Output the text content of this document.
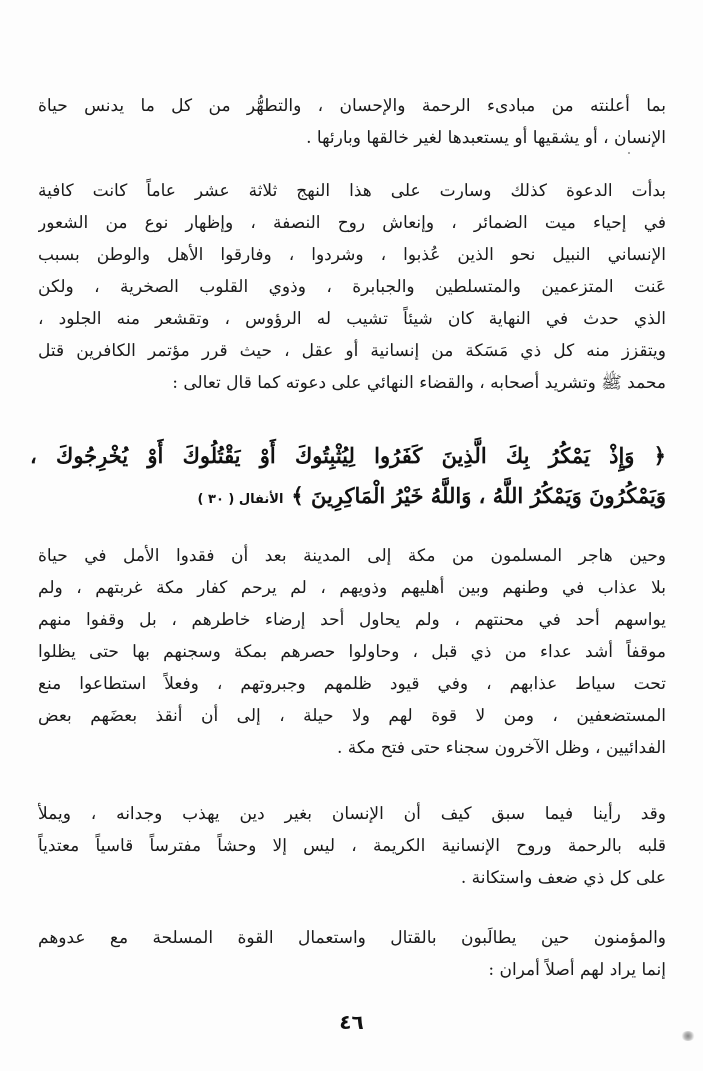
بما أعلنته من مبادىء الرحمة والإحسان ، والتطهُّر من كل ما يدنس حياة
الإنسان ، أو يشقيها أو يستعبدها لغير خالقها وبارئها .
بدأت الدعوة كذلك وسارت على هذا النهج ثلاثة عشر عاماً كانت كافية
في إحياء ميت الضمائر ، وإنعاش روح النصفة ، وإظهار نوع من الشعور
الإنساني النبيل نحو الذين عُذبوا ، وشردوا ، وفارقوا الأهل والوطن بسبب
عَنت المتزعمين والمتسلطين والجبابرة ، وذوي القلوب الصخرية ، ولكن
الذي حدث في النهاية كان شيئاً تشيب له الرؤوس ، وتقشعر منه الجلود ،
ويتقزز منه كل ذي مَسَكة من إنسانية أو عقل ، حيث قرر مؤتمر الكافرين قتل
محمد ﷺ وتشريد أصحابه ، والقضاء النهائي على دعوته كما قال تعالى :
﴿ وَإِذْ يَمْكُرُ بِكَ الَّذِينَ كَفَرُوا لِيُثْبِتُوكَ أَوْ يَقْتُلُوكَ أَوْ يُخْرِجُوكَ ،
وَيَمْكُرُونَ وَيَمْكُرُ اللَّهُ ، وَاللَّهُ خَيْرُ الْمَاكِرِينَ ﴾الأنفال ( ٣٠ )
وحين هاجر المسلمون من مكة إلى المدينة بعد أن فقدوا الأمل في حياة
بلا عذاب في وطنهم وبين أهليهم وذويهم ، لم يرحم كفار مكة غربتهم ، ولم
يواسهم أحد في محنتهم ، ولم يحاول أحد إرضاء خاطرهم ، بل وقفوا منهم
موقفاً أشد عداء من ذي قبل ، وحاولوا حصرهم بمكة وسجنهم بها حتى يظلوا
تحت سياط عذابهم ، وفي قيود ظلمهم وجبروتهم ، وفعلاً استطاعوا منع
المستضعفين ، ومن لا قوة لهم ولا حيلة ، إلى أن أنقذ بعضَهم بعض
الفدائيين ، وظل الآخرون سجناء حتى فتح مكة .
وقد رأينا فيما سبق كيف أن الإنسان بغير دين يهذب وجدانه ، ويملأ
قلبه بالرحمة وروح الإنسانية الكريمة ، ليس إلا وحشاً مفترساً قاسياً معتدياً
على كل ذي ضعف واستكانة .
والمؤمنون حين يطالَبون بالقتال واستعمال القوة المسلحة مع عدوهم
إنما يراد لهم أصلاً أمران :
٤٦
